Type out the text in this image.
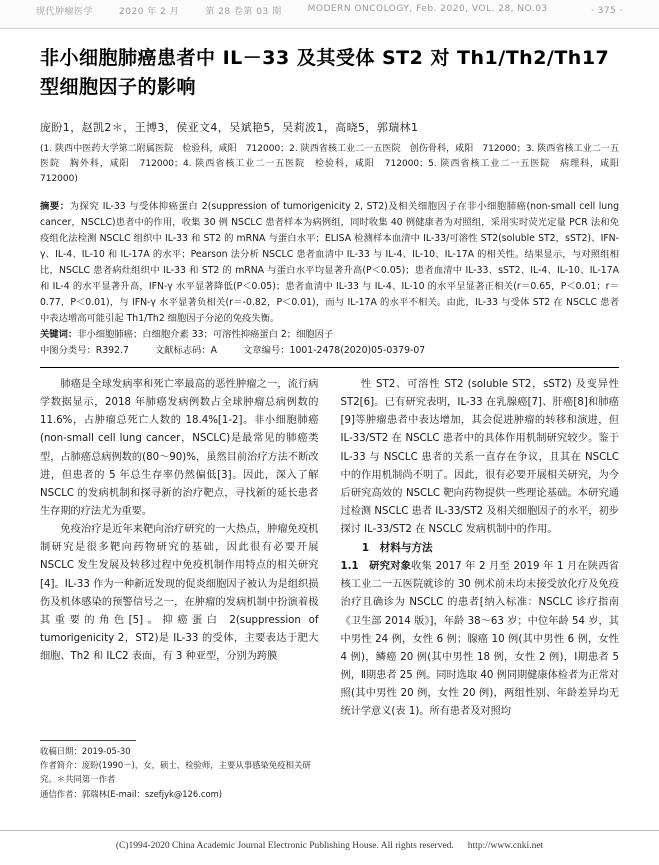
现代肿瘤医学	2020 年 2 月	第 28 卷第 03 期	MODERN ONCOLOGY, Feb. 2020, VOL. 28, NO.03	· 375 ·
非小细胞肺癌患者中 IL－33 及其受体 ST2 对 Th1/Th2/Th17 型细胞因子的影响
庞盼1，赵凯2＊，王博3，侯亚文4，吴斌艳5，吴莉波1，高晓5，郭瑞林1
(1. 陕西中医药大学第二附属医院　检验科，咸阳　712000；2. 陕西省核工业二一五医院　创伤骨科，咸阳　712000；3. 陕西省核工业二一五医院　胸外科，咸阳　712000；4. 陕西省核工业二一五医院　检验科，咸阳　712000；5. 陕西省核工业二一五医院　病理科，咸阳　712000)
摘要：为探究 IL-33 与受体抑癌蛋白 2(suppression of tumorigenicity 2, ST2)及相关细胞因子在非小细胞肺癌(non-small cell lung cancer，NSCLC)患者中的作用，收集 30 例 NSCLC 患者样本为病例组，同时收集 40 例健康者为对照组，采用实时荧光定量 PCR 法和免疫组化法检测 NSCLC 组织中 IL-33 和 ST2 的 mRNA 与蛋白水平；ELISA 检测样本血清中 IL-33/可溶性 ST2(soluble ST2，sST2)、IFN-γ、IL-4、IL-10 和 IL-17A 的水平；Pearson 法分析 NSCLC 患者血清中 IL-33 与 IL-4、IL-10、IL-17A 的相关性。结果显示，与对照组相比，NSCLC 患者病灶组织中 IL-33 和 ST2 的 mRNA 与蛋白水平均显著升高(P＜0.05)；患者血清中 IL-33、sST2、IL-4、IL-10、IL-17A 和 IL-4 的水平显著升高，IFN-γ 水平显著降低(P＜0.05)；患者血清中 IL-33 与 IL-4、IL-10 的水平呈显著正相关(r＝0.65，P＜0.01；r＝0.77，P＜0.01)，与 IFN-γ 水平显著负相关(r＝-0.82，P＜0.01)，而与 IL-17A 的水平不相关。由此，IL-33 与受体 ST2 在 NSCLC 患者中表达增高可能引起 Th1/Th2 细胞因子分泌的免疫失衡。
关键词：非小细胞肺癌；白细胞介素 33；可溶性抑癌蛋白 2；细胞因子
中图分类号：R392.7	文献标志码：A	文章编号：1001-2478(2020)05-0379-07

肺癌是全球发病率和死亡率最高的恶性肿瘤之一，流行病学数据显示，2018 年肺癌发病例数占全球肿瘤总病例数的 11.6%，占肿瘤总死亡人数的 18.4%[1-2]。非小细胞肺癌(non-small cell lung cancer，NSCLC)是最常见的肺癌类型，占肺癌总病例数的(80～90)%，虽然目前治疗方法不断改进，但患者的 5 年总生存率仍然偏低[3]。因此，深入了解 NSCLC 的发病机制和探寻新的治疗靶点，寻找新的延长患者生存期的疗法尤为重要。

免疫治疗是近年来靶向治疗研究的一大热点，肿瘤免疫机制研究是很多靶向药物研究的基础，因此很有必要开展 NSCLC 发生发展及转移过程中免疫机制作用特点的相关研究[4]。IL-33 作为一种新近发现的促炎细胞因子被认为是组织损伤及机体感染的预警信号之一，在肿瘤的发病机制中扮演着极其重要的角色[5]。抑癌蛋白 2(suppression of tumorigenicity 2，ST2)是 IL-33 的受体，主要表达于肥大细胞、Th2 和 ILC2 表面，有 3 种亚型，分别为跨膜

性 ST2、可溶性 ST2 (soluble ST2，sST2) 及变异性 ST2[6]。已有研究表明，IL-33 在乳腺癌[7]、肝癌[8]和肺癌[9]等肿瘤患者中表达增加，其会促进肿瘤的转移和演进，但 IL-33/ST2 在 NSCLC 患者中的具体作用机制研究较少。鉴于 IL-33 与 NSCLC 患者的关系一直存在争议，且其在 NSCLC 中的作用机制尚不明了。因此，很有必要开展相关研究，为今后研究高效的 NSCLC 靶向药物提供一些理论基础。本研究通过检测 NSCLC 患者 IL-33/ST2 及相关细胞因子的水平，初步探讨 IL-33/ST2 在 NSCLC 发病机制中的作用。

1　材料与方法

1.1　研究对象收集 2017 年 2 月至 2019 年 1 月在陕西省核工业二一五医院就诊的 30 例术前未均未接受放化疗及免疫治疗且确诊为 NSCLC 的患者[纳入标准：NSCLC 诊疗指南《卫生部 2014 版》]，年龄 38～63 岁；中位年龄 54 岁，其中男性 24 例，女性 6 例；腺癌 10 例(其中男性 6 例，女性 4 例)，鳞癌 20 例(其中男性 18 例，女性 2 例)，Ⅰ期患者 5 例，Ⅱ期患者 25 例。同时选取 40 例同期健康体检者为正常对照(其中男性 20 例，女性 20 例)，两组性别、年龄差异均无统计学意义(表 1)。所有患者及对照均

收稿日期：2019-05-30

作者简介：庞盼(1990－)，女，硕士，检验师，主要从事感染免疫相关研究。＊共同第一作者

通信作者：郭瑞林(E-mail：szefjyk@126.com)

(C)1994-2020 China Academic Journal Electronic Publishing House. All rights reserved. http://www.cnki.net
